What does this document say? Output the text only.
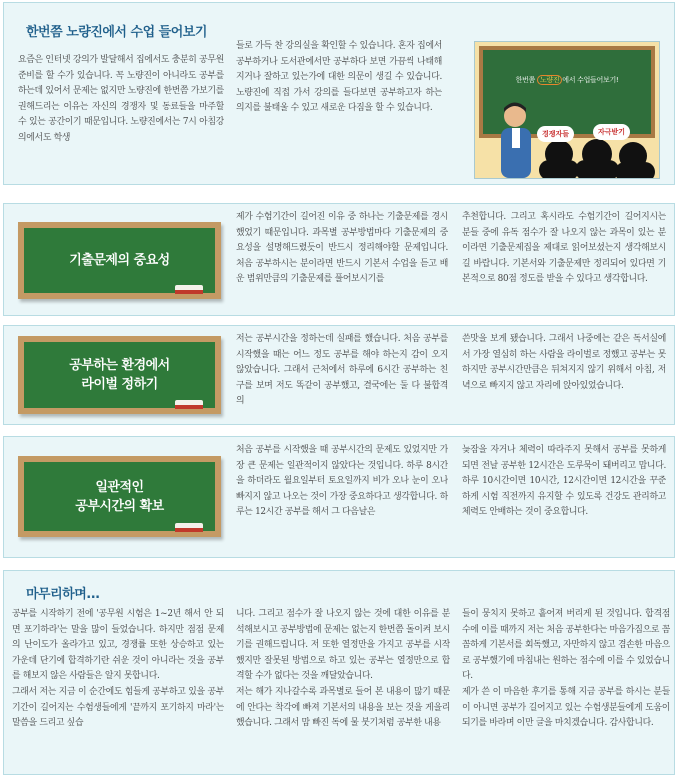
한번쯤 노량진에서 수업 들어보기
요즘은 인터넷 강의가 발달해서 집에서도 충분히 공무원 준비를 할 수가 있습니다. 꼭 노량진이 아니라도 공부를 하는데 있어서 문제는 없지만 노량진에 한번쯤 가보기를 권해드리는 이유는 자신의 경쟁자 및 동료들을 마주할 수 있는 공간이기 때문입니다. 노량진에서는 7시 아침강의에서도 학생
들로 가득 찬 강의실을 확인할 수 있습니다. 혼자 집에서 공부하거나 도서관에서만 공부하다 보면 가끔씩 나태해지거나 잘하고 있는가에 대한 의문이 생길 수 있습니다. 노량진에 직접 가서 강의를 들다보면 공부하고자 하는 의지를 불태울 수 있고 새로운 다짐을 할 수 있습니다.
한번쯤 노량진 에서 수업들어보기!
경쟁자들	자극받기
기출문제의 중요성
제가 수험기간이 길어진 이유 중 하나는 기출문제를 경시했었기 때문입니다. 과목별 공부방법마다 기출문제의 중요성을 설명해드렸듯이 반드시 정리해야할 문제입니다. 처음 공부하시는 분이라면 반드시 기본서 수업을 듣고 배운 범위만큼의 기출문제를 풀어보시기를
추천합니다. 그리고 혹시라도 수험기간이 길어지시는 분들 중에 유독 점수가 잘 나오지 않는 과목이 있는 분이라면 기출문제집을 제대로 읽어보셨는지 생각해보시길 바랍니다. 기본서와 기출문제만 정리되어 있다면 기본적으로 80점 정도를 받을 수 있다고 생각합니다.
공부하는 환경에서
라이벌 정하기
저는 공부시간을 정하는데 실패를 했습니다. 처음 공부를 시작했을 때는 어느 정도 공부를 해야 하는지 감이 오지 않았습니다. 그래서 근처에서 하루에 6시간 공부하는 친구를 보며 저도 똑같이 공부했고, 결국에는 둘 다 불합격의
쓴맛을 보게 됐습니다. 그래서 나중에는 같은 독서실에서 가장 열심히 하는 사람을 라이벌로 정했고 공부는 못하지만 공부시간만큼은 뒤쳐지지 않기 위해서 아침, 저녁으로 빠지지 않고 자리에 앉아있었습니다.
일관적인
공부시간의 확보
처음 공부를 시작했을 때 공부시간의 문제도 있었지만 가장 큰 문제는 일관적이지 않았다는 것입니다. 하루 8시간을 하더라도 월요일부터 토요일까지 비가 오나 눈이 오나 빠지지 않고 나오는 것이 가장 중요하다고 생각합니다. 하루는 12시간 공부를 해서 그 다음날은
늦잠을 자거나 체력이 따라주지 못해서 공부를 못하게 되면 전날 공부한 12시간은 도루묵이 돼버리고 맙니다. 하루 10시간이면 10시간, 12시간이면 12시간을 꾸준하게 시험 직전까지 유지할 수 있도록 건강도 관리하고 체력도 안배하는 것이 중요합니다.
마무리하며...
공부를 시작하기 전에 '공무원 시험은 1~2년 해서 안 되면 포기하라'는 말을 많이 들었습니다. 하지만 점점 문제의 난이도가 올라가고 있고, 경쟁률 또한 상승하고 있는 가운데 단기에 합격하기란 쉬운 것이 아니라는 것을 공부를 해보지 않은 사람들은 알지 못합니다.
그래서 저는 지금 이 순간에도 힘들게 공부하고 있을 공부기간이 길어지는 수험생들에게 '끝까지 포기하지 마라'는 말씀을 드리고 싶습
니다. 그리고 점수가 잘 나오지 않는 것에 대한 이유를 분석해보시고 공부방법에 문제는 없는지 한번쯤 돌이켜 보시기를 권해드립니다. 저 또한 열정만을 가지고 공부를 시작했지만 잘못된 방법으로 하고 있는 공부는 열정만으로 합격할 수가 없다는 것을 깨달았습니다.
저는 해가 지나갈수록 과목별로 들어 본 내용이 많기 때문에 안다는 착각에 빠져 기본서의 내용을 보는 것을 게을리했습니다. 그래서 맘 빠진 독에 물 붓기처럼 공부한 내용
들이 뭉치지 못하고 흩어져 버리게 된 것입니다. 합격점수에 이를 때까지 저는 처음 공부한다는 마음가짐으로 꼼꼼하게 기본서를 회독했고, 자만하지 않고 겸손한 마음으로 공부했기에 마침내는 원하는 점수에 이를 수 있었습니다.
제가 쓴 이 마음한 후기를 통해 지금 공부를 하시는 분들이 아니면 공부가 길어지고 있는 수험생분들에게 도움이 되기를 바라며 이만 글을 마치겠습니다. 감사합니다.
